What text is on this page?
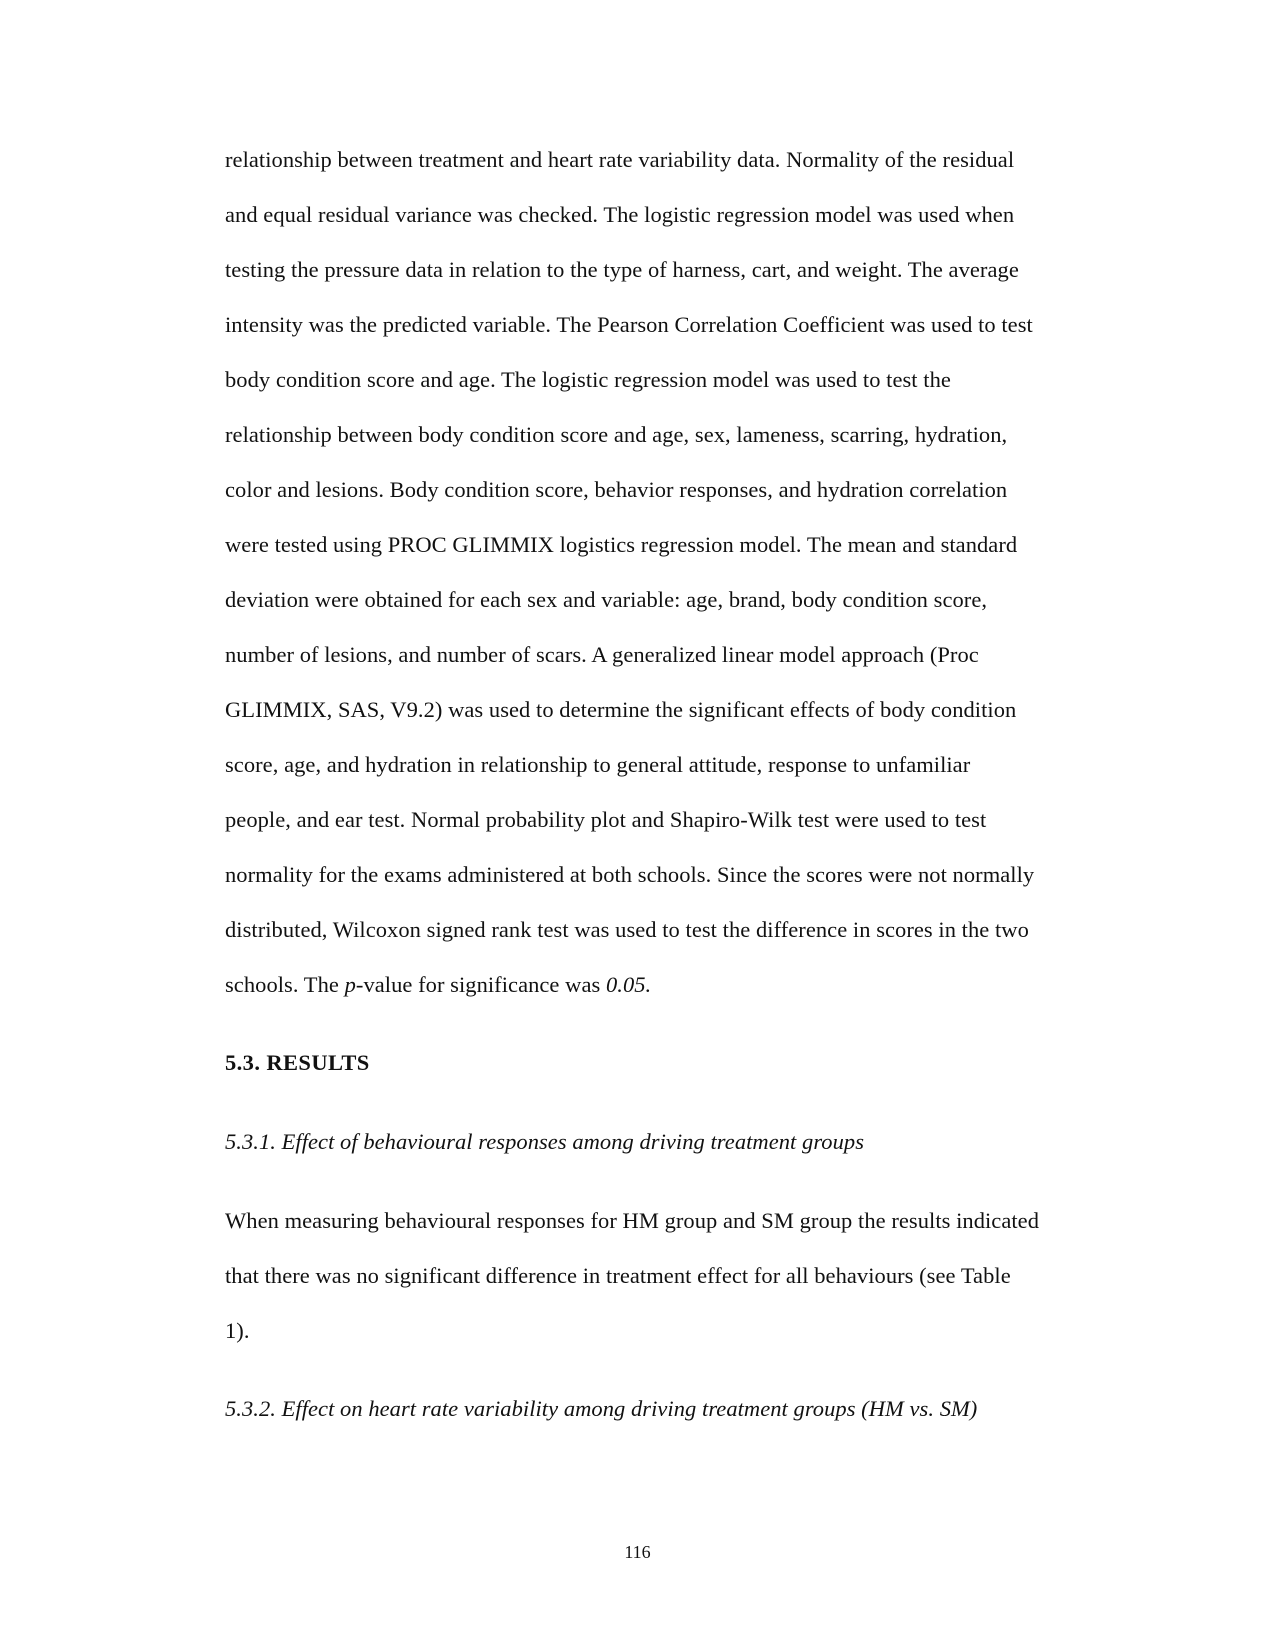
relationship between treatment and heart rate variability data. Normality of the residual
and equal residual variance was checked. The logistic regression model was used when
testing the pressure data in relation to the type of harness, cart, and weight. The average
intensity was the predicted variable. The Pearson Correlation Coefficient was used to test
body condition score and age. The logistic regression model was used to test the
relationship between body condition score and age, sex, lameness, scarring, hydration,
color and lesions. Body condition score, behavior responses, and hydration correlation
were tested using PROC GLIMMIX logistics regression model. The mean and standard
deviation were obtained for each sex and variable: age, brand, body condition score,
number of lesions, and number of scars. A generalized linear model approach (Proc
GLIMMIX, SAS, V9.2) was used to determine the significant effects of body condition
score, age, and hydration in relationship to general attitude, response to unfamiliar
people, and ear test. Normal probability plot and Shapiro-Wilk test were used to test
normality for the exams administered at both schools. Since the scores were not normally
distributed, Wilcoxon signed rank test was used to test the difference in scores in the two
schools. The p-value for significance was 0.05.
5.3. RESULTS
5.3.1. Effect of behavioural responses among driving treatment groups
When measuring behavioural responses for HM group and SM group the results indicated
that there was no significant difference in treatment effect for all behaviours (see Table
1).
5.3.2. Effect on heart rate variability among driving treatment groups (HM vs. SM)
116
